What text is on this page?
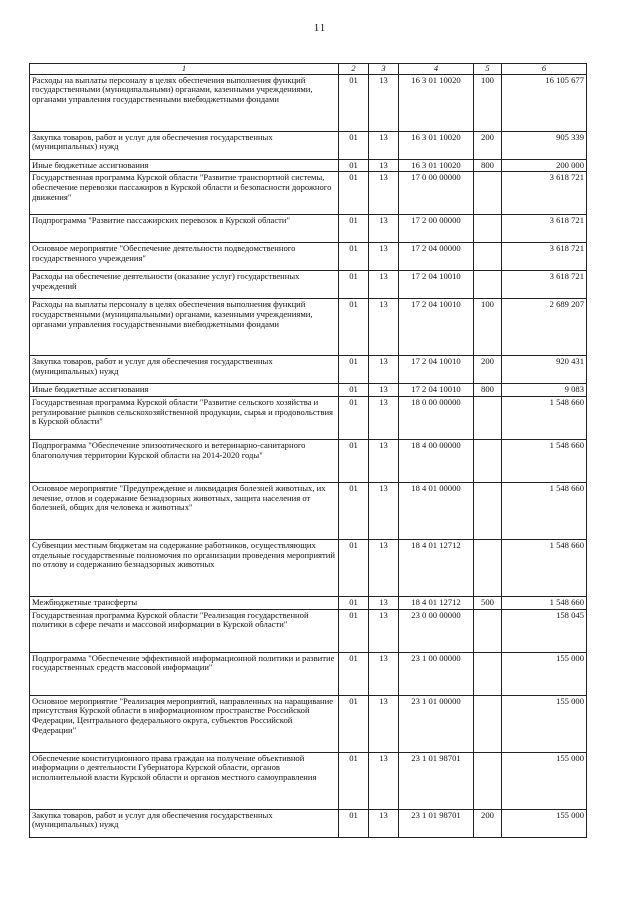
11
1	2	3	4	5	6
Расходы на выплаты персоналу в целях обеспечения выполнения функций государственными (муниципальными) органами, казенными учреждениями, органами управления государственными внебюджетными фондами	01	13	16 3 01 10020	100	16 105 677
Закупка товаров, работ и услуг для обеспечения государственных (муниципальных) нужд	01	13	16 3 01 10020	200	905 339
Иные бюджетные ассигнования	01	13	16 3 01 10020	800	200 000
Государственная программа Курской области "Развитие транспортной системы, обеспечение перевозки пассажиров в Курской области и безопасности дорожного движения"	01	13	17 0 00 00000		3 618 721
Подпрограмма "Развитие пассажирских перевозок в Курской области"	01	13	17 2 00 00000		3 618 721
Основное мероприятие "Обеспечение деятельности подведомственного государственного учреждения"	01	13	17 2 04 00000		3 618 721
Расходы на обеспечение деятельности (оказание услуг) государственных учреждений	01	13	17 2 04 10010		3 618 721
Расходы на выплаты персоналу в целях обеспечения выполнения функций государственными (муниципальными) органами, казенными учреждениями, органами управления государственными внебюджетными фондами	01	13	17 2 04 10010	100	2 689 207
Закупка товаров, работ и услуг для обеспечения государственных (муниципальных) нужд	01	13	17 2 04 10010	200	920 431
Иные бюджетные ассигнования	01	13	17 2 04 10010	800	9 083
Государственная программа Курской области "Развитие сельского хозяйства и регулирование рынков сельскохозяйственной продукции, сырья и продовольствия в Курской области"	01	13	18 0 00 00000		1 548 660
Подпрограмма "Обеспечение эпизоотического и ветеринарно-санитарного благополучия территории Курской области на 2014-2020 годы"	01	13	18 4 00 00000		1 548 660
Основное мероприятие "Предупреждение и ликвидация болезней животных, их лечение, отлов и содержание безнадзорных животных, защита населения от болезней, общих для человека и животных"	01	13	18 4 01 00000		1 548 660
Субвенции местным бюджетам на содержание работников, осуществляющих отдельные государственные полномочия по организации проведения мероприятий по отлову и содержанию безнадзорных животных	01	13	18 4 01 12712		1 548 660
Межбюджетные трансферты	01	13	18 4 01 12712	500	1 548 660
Государственная программа Курской области "Реализация государственной политики в сфере печати и массовой информации в Курской области"	01	13	23 0 00 00000		158 045
Подпрограмма "Обеспечение эффективной информационной политики и развитие государственных средств массовой информации"	01	13	23 1 00 00000		155 000
Основное мероприятие "Реализация мероприятий, направленных на наращивание присутствия Курской области в информационном пространстве Российской Федерации, Центрального федерального округа, субъектов Российской Федерации"	01	13	23 1 01 00000		155 000
Обеспечение конституционного права граждан на получение объективной информации о деятельности Губернатора Курской области, органов исполнительной власти Курской области и органов местного самоуправления	01	13	23 1 01 98701		155 000
Закупка товаров, работ и услуг для обеспечения государственных (муниципальных) нужд	01	13	23 1 01 98701	200	155 000
